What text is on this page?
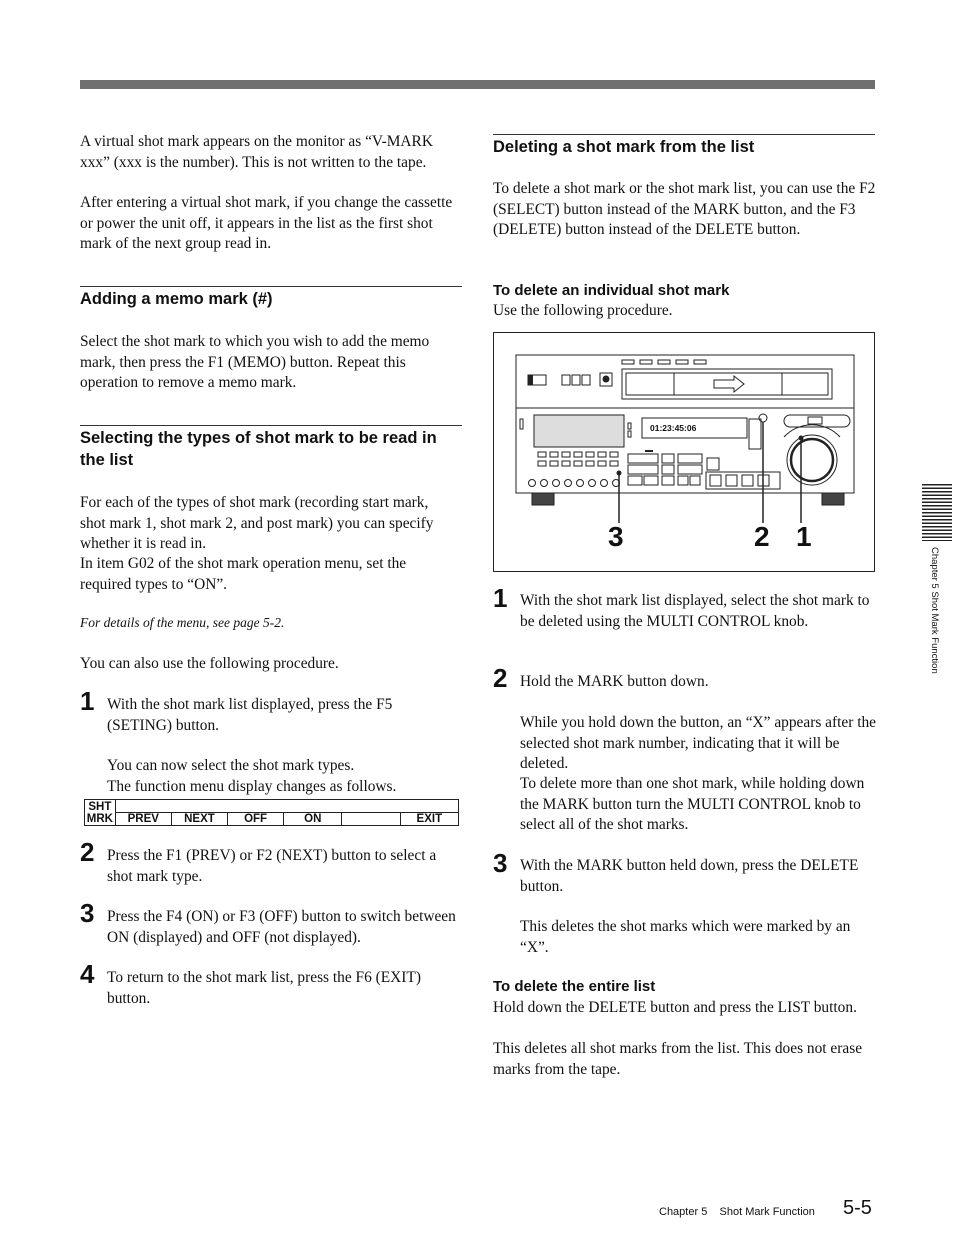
A virtual shot mark appears on the monitor as “V-MARK xxx” (xxx is the number). This is not written to the tape.
After entering a virtual shot mark, if you change the cassette or power the unit off, it appears in the list as the first shot mark of the next group read in.
Adding a memo mark (#)
Select the shot mark to which you wish to add the memo mark, then press the F1 (MEMO) button. Repeat this operation to remove a memo mark.
Selecting the types of shot mark to be read in the list
For each of the types of shot mark (recording start mark, shot mark 1, shot mark 2, and post mark) you can specify whether it is read in.
In item G02 of the shot mark operation menu, set the required types to “ON”.
For details of the menu, see page 5-2.
You can also use the following procedure.
1 With the shot mark list displayed, press the F5 (SETING) button.
You can now select the shot mark types.
The function menu display changes as follows.
SHT
MRK						

	PREV	NEXT	OFF	ON		EXIT
2 Press the F1 (PREV) or F2 (NEXT) button to select a shot mark type.
3 Press the F4 (ON) or F3 (OFF) button to switch between ON (displayed) and OFF (not displayed).
4 To return to the shot mark list, press the F6 (EXIT) button.
Deleting a shot mark from the list
To delete a shot mark or the shot mark list, you can use the F2 (SELECT) button instead of the MARK button, and the F3 (DELETE) button instead of the DELETE button.
To delete an individual shot mark
Use the following procedure.
01:23:45:06
3	2 1
1 With the shot mark list displayed, select the shot mark to be deleted using the MULTI CONTROL knob.
2 Hold the MARK button down.
While you hold down the button, an “X” appears after the selected shot mark number, indicating that it will be deleted.
To delete more than one shot mark, while holding down the MARK button turn the MULTI CONTROL knob to select all of the shot marks.
3 With the MARK button held down, press the DELETE button.
This deletes the shot marks which were marked by an “X”.
To delete the entire list
Hold down the DELETE button and press the LIST button.
This deletes all shot marks from the list. This does not erase marks from the tape.
Chapter 5 Shot Mark Function
Chapter 5    Shot Mark Function 5-5
